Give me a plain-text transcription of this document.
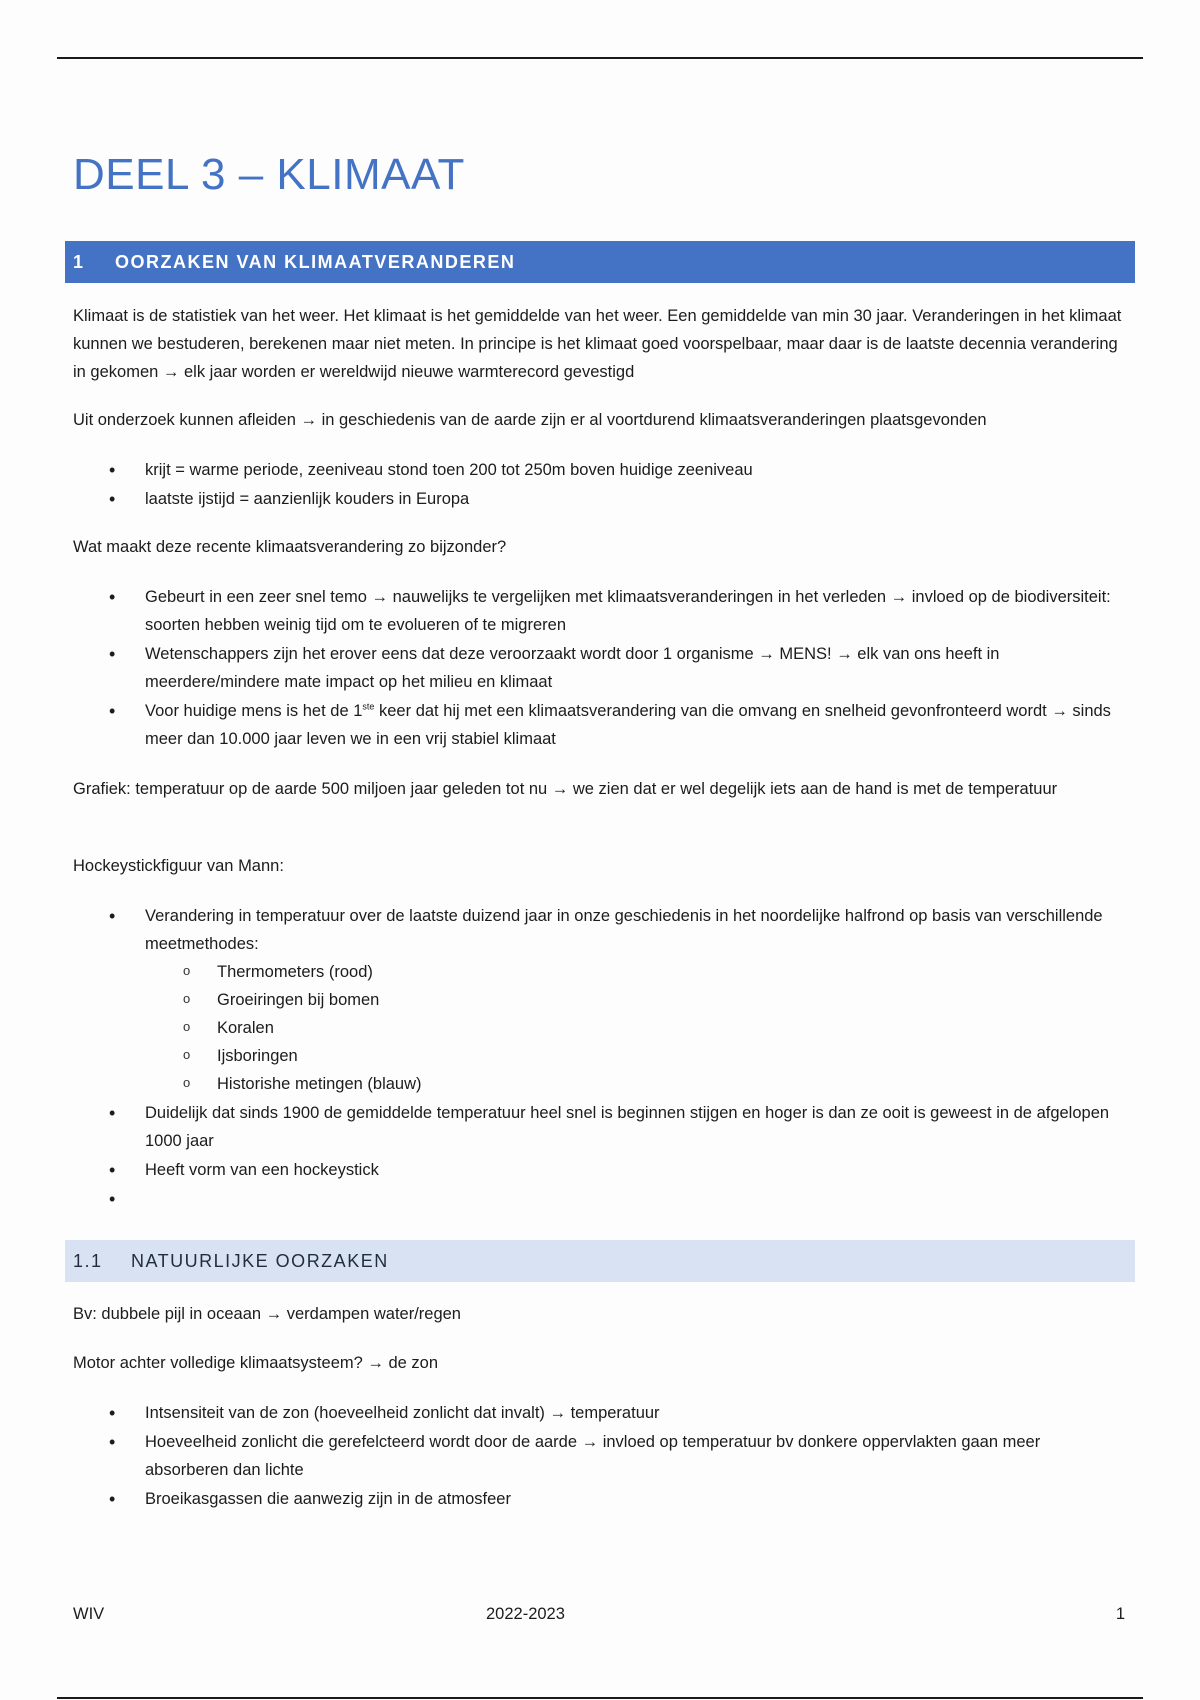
DEEL 3 – KLIMAAT
1	OORZAKEN VAN KLIMAATVERANDEREN

Klimaat is de statistiek van het weer. Het klimaat is het gemiddelde van het weer. Een gemiddelde van min 30 jaar. Veranderingen in het klimaat kunnen we bestuderen, berekenen maar niet meten. In principe is het klimaat goed voorspelbaar, maar daar is de laatste decennia verandering in gekomen → elk jaar worden er wereldwijd nieuwe warmterecord gevestigd

Uit onderzoek kunnen afleiden → in geschiedenis van de aarde zijn er al voortdurend klimaatsveranderingen plaatsgevonden

• krijt = warme periode, zeeniveau stond toen 200 tot 250m boven huidige zeeniveau
• laatste ijstijd = aanzienlijk kouders in Europa

Wat maakt deze recente klimaatsverandering zo bijzonder?

• Gebeurt in een zeer snel temo → nauwelijks te vergelijken met klimaatsveranderingen in het verleden → invloed op de biodiversiteit: soorten hebben weinig tijd om te evolueren of te migreren
• Wetenschappers zijn het erover eens dat deze veroorzaakt wordt door 1 organisme → MENS! → elk van ons heeft in meerdere/mindere mate impact op het milieu en klimaat
• Voor huidige mens is het de 1ste keer dat hij met een klimaatsverandering van die omvang en snelheid gevonfronteerd wordt → sinds meer dan 10.000 jaar leven we in een vrij stabiel klimaat

Grafiek: temperatuur op de aarde 500 miljoen jaar geleden tot nu → we zien dat er wel degelijk iets aan de hand is met de temperatuur

Hockeystickfiguur van Mann:

• Verandering in temperatuur over de laatste duizend jaar in onze geschiedenis in het noordelijke halfrond op basis van verschillende meetmethodes:
o Thermometers (rood)
o Groeiringen bij bomen
o Koralen
o Ijsboringen
o Historishe metingen (blauw)
• Duidelijk dat sinds 1900 de gemiddelde temperatuur heel snel is beginnen stijgen en hoger is dan ze ooit is geweest in de afgelopen 1000 jaar
• Heeft vorm van een hockeystick
•
1.1	NATUURLIJKE OORZAKEN

Bv: dubbele pijl in oceaan → verdampen water/regen

Motor achter volledige klimaatsysteem? → de zon

• Intsensiteit van de zon (hoeveelheid zonlicht dat invalt) → temperatuur
• Hoeveelheid zonlicht die gerefelcteerd wordt door de aarde → invloed op temperatuur bv donkere oppervlakten gaan meer absorberen dan lichte
• Broeikasgassen die aanwezig zijn in de atmosfeer
WIV	2022-2023	1
